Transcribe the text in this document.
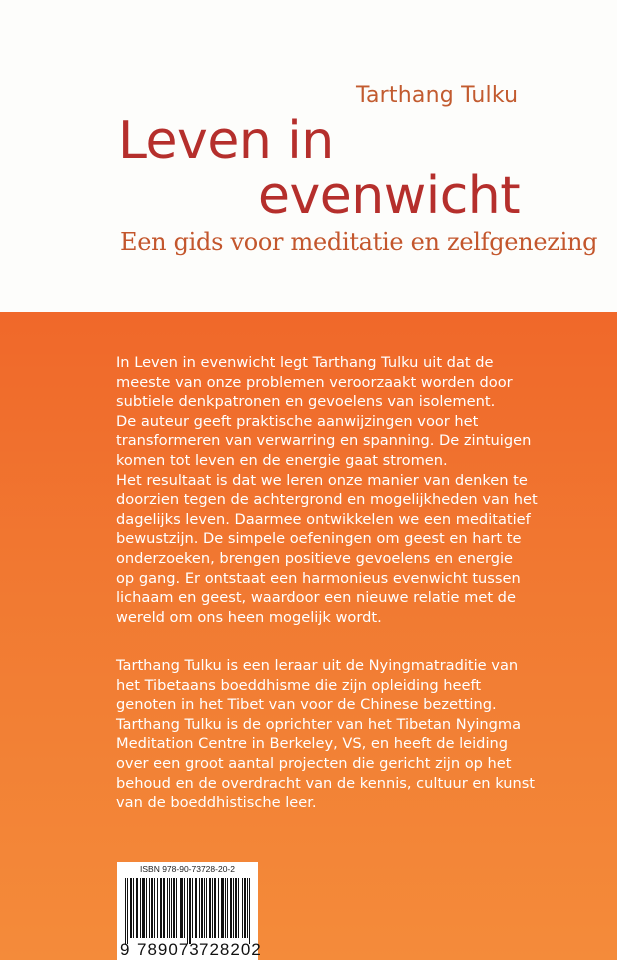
Tarthang Tulku
Leven in
evenwicht
Een gids voor meditatie en zelfgenezing
In Leven in evenwicht legt Tarthang Tulku uit dat de
meeste van onze problemen veroorzaakt worden door
subtiele denkpatronen en gevoelens van isolement.
De auteur geeft praktische aanwijzingen voor het
transformeren van verwarring en spanning. De zintuigen
komen tot leven en de energie gaat stromen.
Het resultaat is dat we leren onze manier van denken te
doorzien tegen de achtergrond en mogelijkheden van het
dagelijks leven. Daarmee ontwikkelen we een meditatief
bewustzijn. De simpele oefeningen om geest en hart te
onderzoeken, brengen positieve gevoelens en energie
op gang. Er ontstaat een harmonieus evenwicht tussen
lichaam en geest, waardoor een nieuwe relatie met de
wereld om ons heen mogelijk wordt.
Tarthang Tulku is een leraar uit de Nyingmatraditie van
het Tibetaans boeddhisme die zijn opleiding heeft
genoten in het Tibet van voor de Chinese bezetting.
Tarthang Tulku is de oprichter van het Tibetan Nyingma
Meditation Centre in Berkeley, VS, en heeft de leiding
over een groot aantal projecten die gericht zijn op het
behoud en de overdracht van de kennis, cultuur en kunst
van de boeddhistische leer.
ISBN 978-90-73728-20-2
9 789073 728202
